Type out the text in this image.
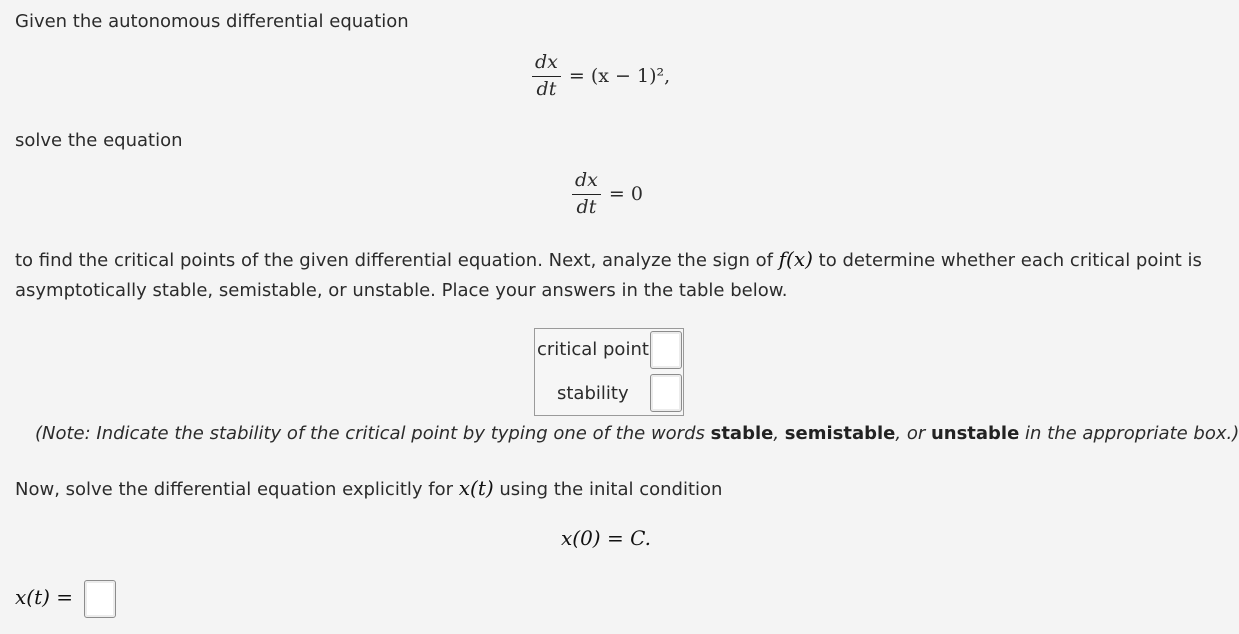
Given the autonomous differential equation
$\frac{dx}{dt} = (x - 1)^2$,
solve the equation
$\frac{dx}{dt} = 0$
to find the critical points of the given differential equation. Next, analyze the sign of f(x) to determine whether each critical point is
asymptotically stable, semistable, or unstable. Place your answers in the table below.
critical point
stability
(Note: Indicate the stability of the critical point by typing one of the words stable, semistable, or unstable in the appropriate box.)
Now, solve the differential equation explicitly for x(t) using the inital condition
x(0) = C.
x(t) =
